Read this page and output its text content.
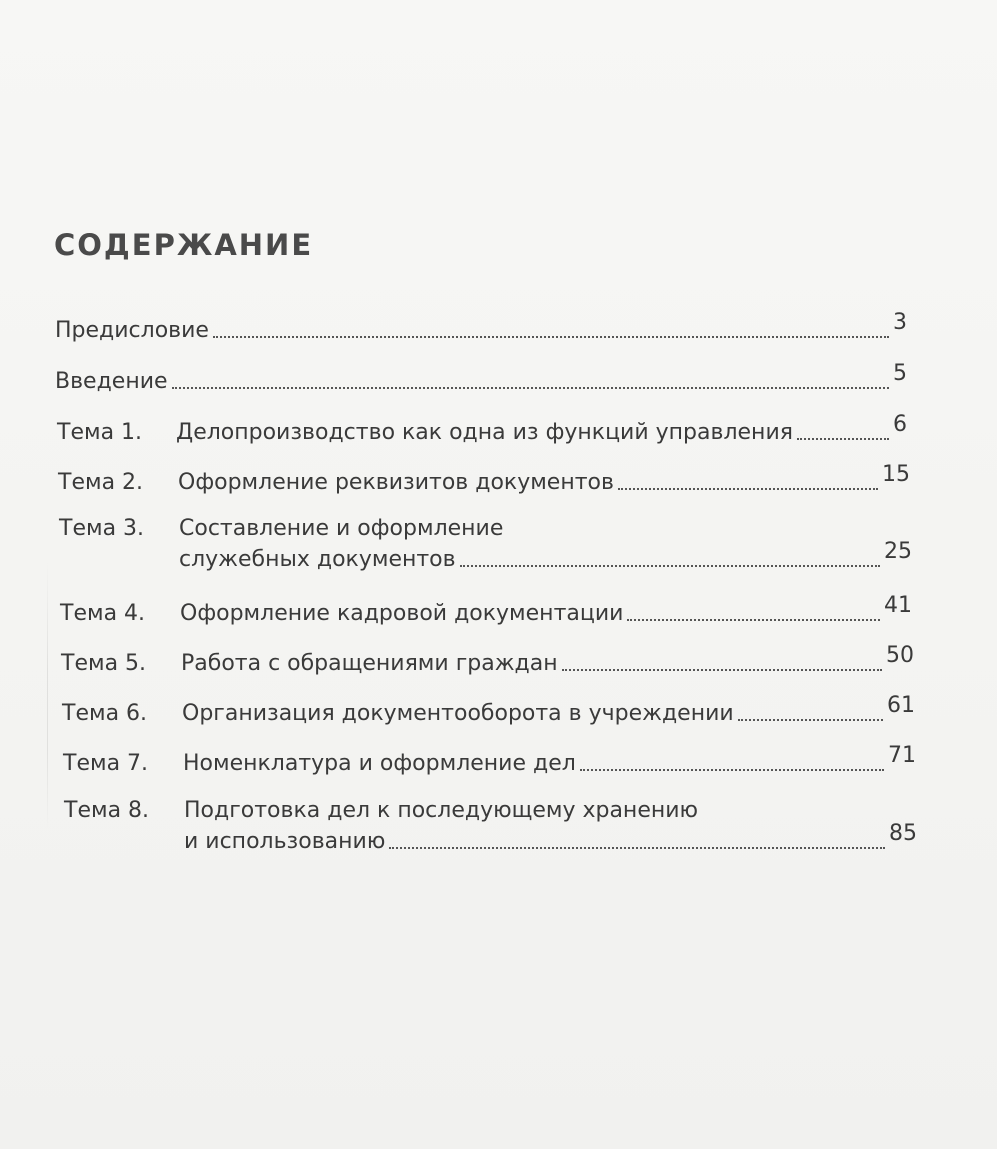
СОДЕРЖАНИЕ
Предисловие	3
Введение	5
Тема 1.	Делопроизводство как одна из функций управления	6
Тема 2.	Оформление реквизитов документов	15
Тема 3.	Составление и оформление
служебных документов	25
Тема 4.	Оформление кадровой документации	41
Тема 5.	Работа с обращениями граждан	50
Тема 6.	Организация документооборота в учреждении	61
Тема 7.	Номенклатура и оформление дел	71
Тема 8.	Подготовка дел к последующему хранению
и использованию	85
